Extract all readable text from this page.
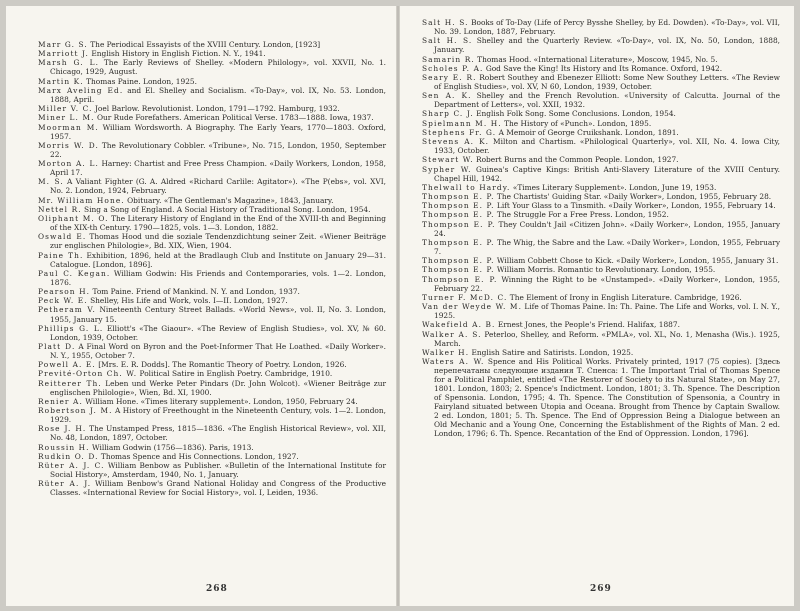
Marr G. S. The Periodical Essayists of the XVIII Century. London, [1923]

Marriott J. English History in English Fiction. N. Y., 1941.

Marsh G. L. The Early Reviews of Shelley. «Modern Philology», vol. XXVII, No. 1. Chicago, 1929, August.

Martin K. Thomas Paine. London, 1925.

Marx Aveling Ed. and El. Shelley and Socialism. «To-Day», vol. IX, No. 53. London, 1888, April.

Miller V. C. Joel Barlow. Revolutionist. London, 1791—1792. Hamburg, 1932.

Miner L. M. Our Rude Forefathers. American Political Verse. 1783—1888. Iowa, 1937.

Moorman M. William Wordsworth. A Biography. The Early Years, 1770—1803. Oxford, 1957.

Morris W. D. The Revolutionary Cobbler. «Tribune», No. 715, London, 1950, September 22.

Morton A. L. Harney: Chartist and Free Press Champion. «Daily Workers, London, 1958, April 17.

M. S. A Valiant Fighter (G. A. Aldred «Richard Carlile: Agitator»). «The P(ebs», vol. XVI, No. 2. London, 1924, February.

Mr. William Hone. Obituary. «The Gentleman's Magazine», 1843, January.

Nettel R. Sing a Song of England. A Social History of Traditional Song. London, 1954.

Oliphant M. O. The Literary History of England in the End of the XVIII-th and Beginning of the XIX-th Century. 1790—1825, vols. 1—3. London, 1882.

Oswald E. Thomas Hood und die soziale Tendenzdichtung seiner Zeit. «Wiener Beiträge zur englischen Philologie», Bd. XIX, Wien, 1904.

Paine Th. Exhibition, 1896, held at the Bradlaugh Club and Institute on January 29—31. Catalogue. [London, 1896].

Paul C. Kegan. William Godwin: His Friends and Contemporaries, vols. 1—2. London, 1876.

Pearson H. Tom Paine. Friend of Mankind. N. Y. and London, 1937.

Peck W. E. Shelley, His Life and Work, vols. I—II. London, 1927.

Petheram V. Nineteenth Century Street Ballads. «World News», vol. II, No. 3. London, 1955, January 15.

Phillips G. L. Elliott's «The Giaour». «The Review of English Studies», vol. XV, № 60. London, 1939, October.

Platt D. A Final Word on Byron and the Poet-Informer That He Loathed. «Daily Worker». N. Y., 1955, October 7.

Powell A. E. [Mrs. E. R. Dodds]. The Romantic Theory of Poetry. London, 1926.

Previté-Orton Ch. W. Political Satire in English Poetry. Cambridge, 1910.

Reitterer Th. Leben und Werke Peter Pindars (Dr. John Wolcot). «Wiener Beiträge zur englischen Philologie», Wien, Bd. XI, 1900.

Renier A. William Hone. «Times literary supplement». London, 1950, February 24.

Robertson J. M. A History of Freethought in the Nineteenth Century, vols. 1—2. London, 1929.

Rose J. H. The Unstamped Press, 1815—1836. «The English Historical Review», vol. XII, No. 48, London, 1897, October.

Roussin H. William Godwin (1756—1836). Paris, 1913.

Rudkin O. D. Thomas Spence and His Connections. London, 1927.

Rüter A. J. C. William Benbow as Publisher. «Bulletin of the International Institute for Social History», Amsterdam, 1940, No. 1, January.

Rüter A. J. William Benbow's Grand National Holiday and Congress of the Productive Classes. «International Review for Social History», vol. I, Leiden, 1936.

268

Salt H. S. Books of To-Day (Life of Percy Bysshe Shelley, by Ed. Dowden). «To-Day», vol. VII, No. 39. London, 1887, February.

Salt H. S. Shelley and the Quarterly Review. «To-Day», vol. IX, No. 50, London, 1888, January.

Samarin R. Thomas Hood. «International Literature», Moscow, 1945, No. 5.

Scholes P. A. God Save the King! Its History and Its Romance. Oxford, 1942.

Seary E. R. Robert Southey and Ebenezer Elliott: Some New Southey Letters. «The Review of English Studies», vol. XV, N 60, London, 1939, October.

Sen A. K. Shelley and the French Revolution. «University of Calcutta. Journal of the Department of Letters», vol. XXII, 1932.

Sharp C. J. English Folk Song. Some Conclusions. London, 1954.

Spielmann M. H. The History of «Punch». London, 1895.

Stephens Fr. G. A Memoir of George Cruikshank. London, 1891.

Stevens A. K. Milton and Chartism. «Philological Quarterly», vol. XII, No. 4. Iowa City, 1933, October.

Stewart W. Robert Burns and the Common People. London, 1927.

Sypher W. Guinea's Captive Kings: British Anti-Slavery Literature of the XVIII Century. Chapel Hill, 1942.

Thelwall to Hardy. «Times Literary Supplement». London, June 19, 1953.

Thompson E. P. The Chartists' Guiding Star. «Daily Worker», London, 1955, February 28.

Thompson E. P. Lift Your Glass to a Tinsmith. «Daily Worker», London, 1955, February 14.

Thompson E. P. The Struggle For a Free Press. London, 1952.

Thompson E. P. They Couldn't Jail «Citizen John». «Daily Worker», London, 1955, January 24.

Thompson E. P. The Whig, the Sabre and the Law. «Daily Worker», London, 1955, February 7.

Thompson E. P. William Cobbett Chose to Kick. «Daily Worker», London, 1955, January 31.

Thompson E. P. William Morris. Romantic to Revolutionary. London, 1955.

Thompson E. P. Winning the Right to be «Unstamped». «Daily Worker», London, 1955, February 22.

Turner F. McD. C. The Element of Irony in English Literature. Cambridge, 1926.

Van der Weyde W. M. Life of Thomas Paine. In: Th. Paine. The Life and Works, vol. I. N. Y., 1925.

Wakefield A. B. Ernest Jones, the People's Friend. Halifax, 1887.

Walker A. S. Peterloo, Shelley, and Reform. «PMLA», vol. XL, No. 1, Menasha (Wis.). 1925, March.

Walker H. English Satire and Satirists. London, 1925.

Waters A. W. Spence and His Political Works. Privately printed, 1917 (75 copies). [Здесь перепечатаны следующие издания Т. Спенса: 1. The Important Trial of Thomas Spence for a Political Pamphlet, entitled «The Restorer of Society to its Natural State», on May 27, 1801. London, 1803; 2. Spence's Indictment. London, 1801; 3. Th. Spence. The Description of Spensonia. London, 1795; 4. Th. Spence. The Constitution of Spensonia, a Country in Fairyland situated between Utopia and Oceana. Brought from Thence by Captain Swallow. 2 ed. London, 1801; 5. Th. Spence. The End of Oppression Being a Dialogue between an Old Mechanic and a Young One, Concerning the Establishment of the Rights of Man. 2 ed. London, 1796; 6. Th. Spence. Recantation of the End of Oppression. London, 1796].

269
